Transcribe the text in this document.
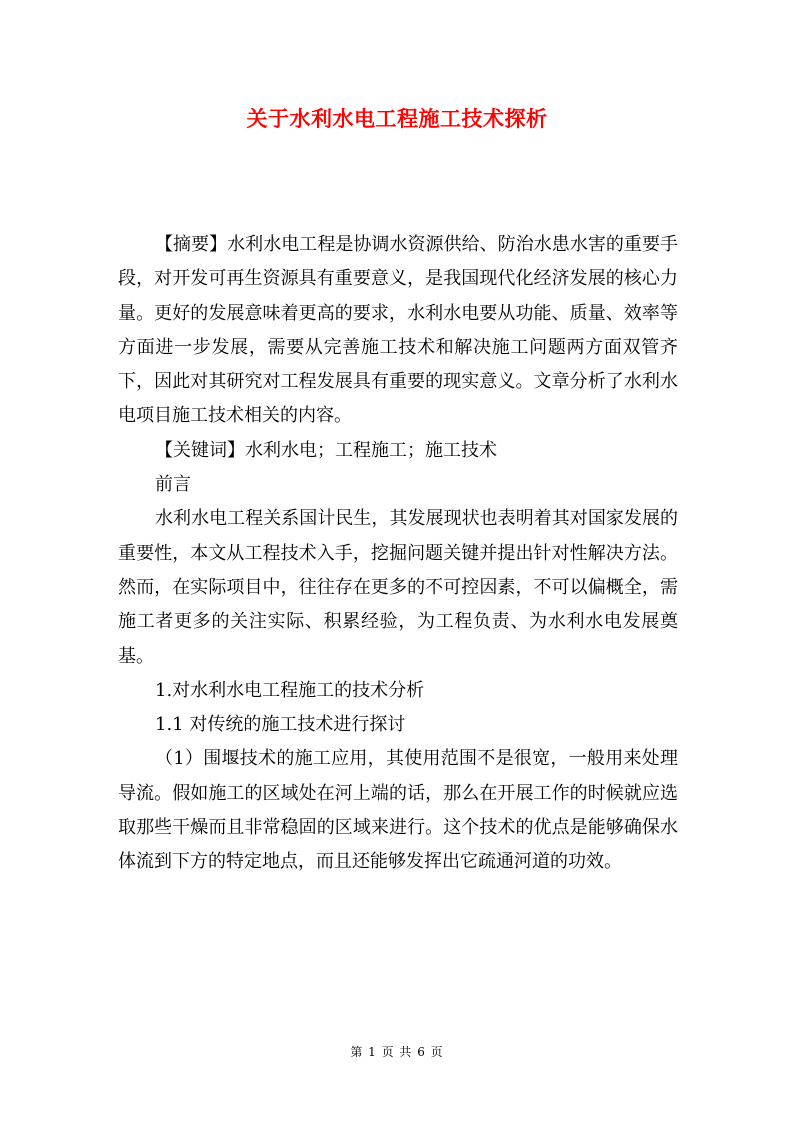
关于水利水电工程施工技术探析

【摘要】水利水电工程是协调水资源供给、防治水患水害的重要手段，对开发可再生资源具有重要意义，是我国现代化经济发展的核心力量。更好的发展意味着更高的要求，水利水电要从功能、质量、效率等方面进一步发展，需要从完善施工技术和解决施工问题两方面双管齐下，因此对其研究对工程发展具有重要的现实意义。文章分析了水利水电项目施工技术相关的内容。

【关键词】水利水电；工程施工；施工技术

前言

水利水电工程关系国计民生，其发展现状也表明着其对国家发展的重要性，本文从工程技术入手，挖掘问题关键并提出针对性解决方法。然而，在实际项目中，往往存在更多的不可控因素，不可以偏概全，需施工者更多的关注实际、积累经验，为工程负责、为水利水电发展奠基。

1.对水利水电工程施工的技术分析

1.1 对传统的施工技术进行探讨

（1）围堰技术的施工应用，其使用范围不是很宽，一般用来处理导流。假如施工的区域处在河上端的话，那么在开展工作的时候就应选取那些干燥而且非常稳固的区域来进行。这个技术的优点是能够确保水体流到下方的特定地点，而且还能够发挥出它疏通河道的功效。

第 1 页 共 6 页
